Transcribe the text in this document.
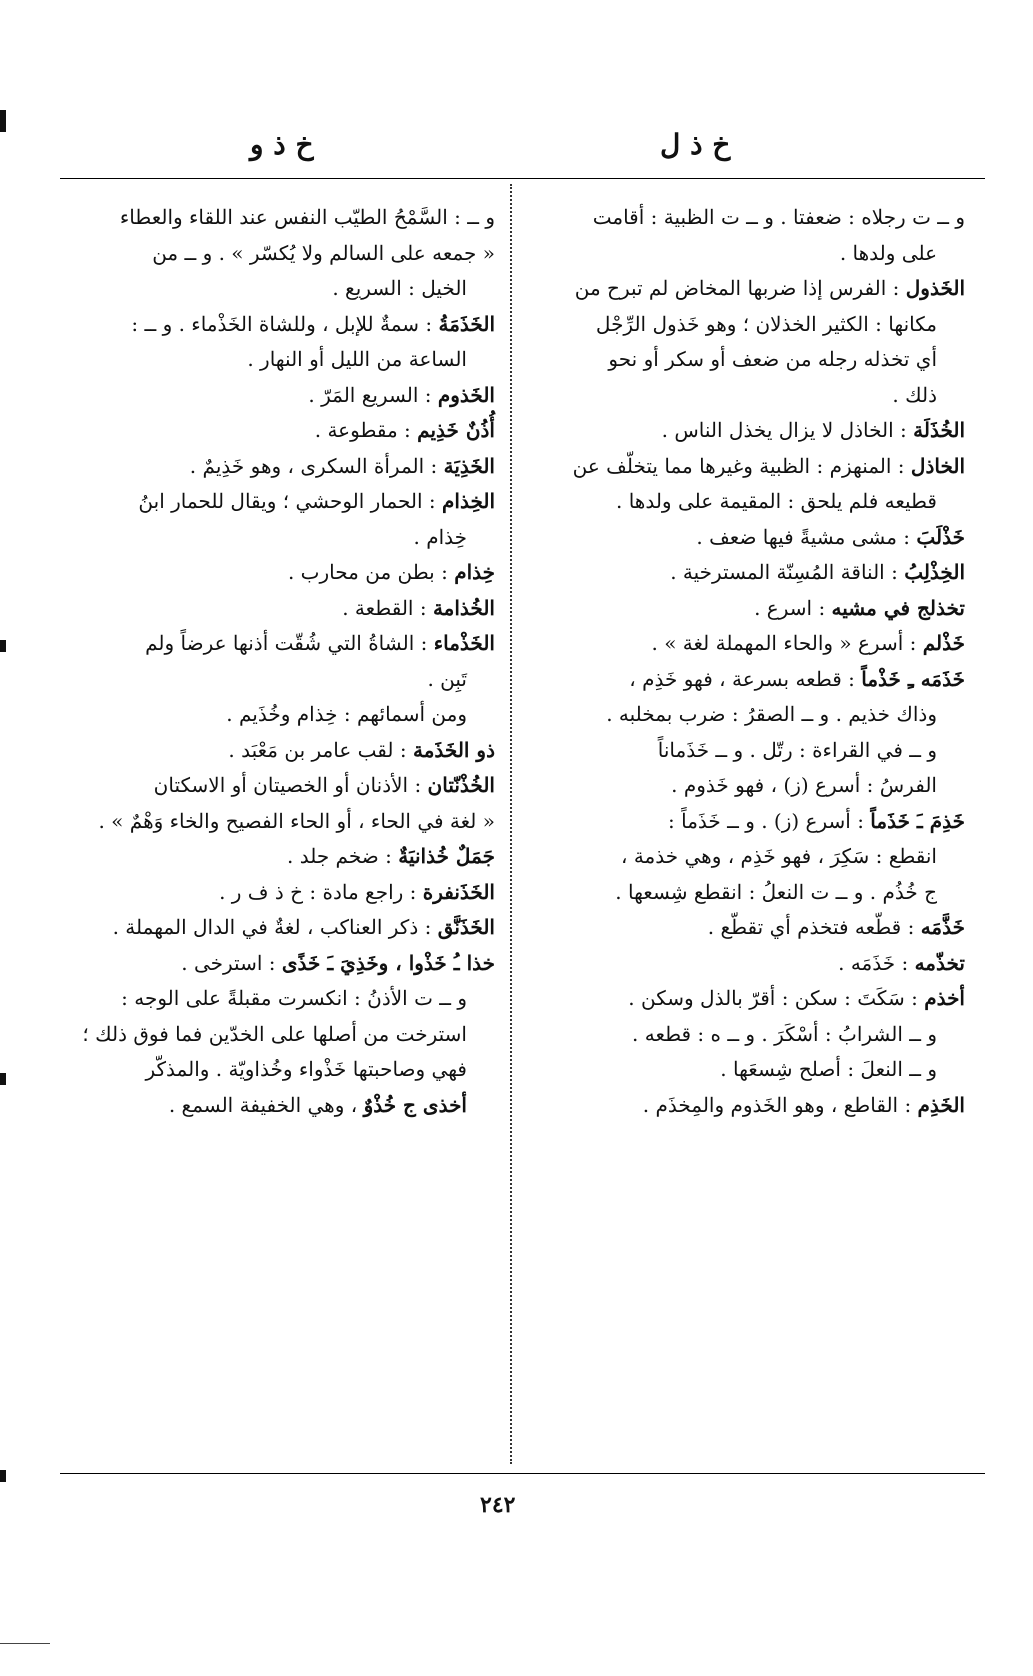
خ ذ ل
خ ذ و
و ــ ت رجلاه : ضعفتا . و ــ ت الظبية : أقامت
على ولدها .
الخَذول : الفرس إذا ضربها المخاض لم تبرح من
مكانها : الكثير الخذلان ؛ وهو خَذول الرِّجْل
أي تخذله رجله من ضعف أو سكر أو نحو
ذلك .
الخُذَلَة : الخاذل لا يزال يخذل الناس .
الخاذل : المنهزم : الظبية وغيرها مما يتخلّف عن
قطيعه فلم يلحق : المقيمة على ولدها .
خَذْلَبَ : مشى مشيةً فيها ضعف .
الخِذْلِبُ : الناقة المُسِنّة المسترخية .
تخذلج في مشيه : اسرع .
خَذْلم : أسرع « والحاء المهملة لغة » .
خَذَمَه ـِ خَذْماً : قطعه بسرعة ، فهو خَذِم ،
وذاك خذيم . و ــ الصقرُ : ضرب بمخلبه .
و ــ في القراءة : رتّل . و ــ خَذَماناً
الفرسُ : أسرع (ز) ، فهو خَذوم .
خَذِمَ ـَ خَذَماً : أسرع (ز) . و ــ خَذَماً :
انقطع : سَكِرَ ، فهو خَذِم ، وهي خذمة ،
ج خُذُم . و ــ ت النعلُ : انقطع شِسعها .
خَذَّمَه : قطّعه فتخذم أي تقطّع .
تخذّمه : خَذَمَه .
أخذم : سَكَتَ : سكن : أقرّ بالذل وسكن .
و ــ الشرابُ : أسْكَرَ . و ــ ه : قطعه .
و ــ النعلَ : أصلح شِسعَها .
الخَذِم : القاطع ، وهو الخَذوم والمِخذَم .
و ــ : السَّمْحُ الطيّب النفس عند اللقاء والعطاء
« جمعه على السالم ولا يُكسّر » . و ــ من
الخيل : السريع .
الخَذَمَةُ : سمةٌ للإبل ، وللشاة الخَذْماء . و ــ :
الساعة من الليل أو النهار .
الخَذوم : السريع المَرّ .
أُذُنٌ خَذِيم : مقطوعة .
الخَذِيَة : المرأة السكرى ، وهو خَذِيمٌ .
الخِذام : الحمار الوحشي ؛ ويقال للحمار ابنُ
خِذام .
خِذام : بطن من محارب .
الخُذامة : القطعة .
الخَذْماء : الشاةُ التي شُقّت أذنها عرضاً ولم
تَبِن .
ومن أسمائهم : خِذام وخُذَيم .
ذو الخَذَمة : لقب عامر بن مَعْبَد .
الخُذْنّتان : الأذنان أو الخصيتان أو الاسكتان
« لغة في الحاء ، أو الحاء الفصيح والخاء وَهْمٌ » .
جَمَلٌ خُذانيَةٌ : ضخم جلد .
الخَذَنفرة : راجع مادة : خ ذ ف ر .
الخَذَنَّق : ذكر العناكب ، لغةٌ في الدال المهملة .
خذا ـُ خَذْوا ، وخَذِيَ ـَ خَذًى : استرخى .
و ــ ت الأذنُ : انكسرت مقبلةً على الوجه :
استرخت من أصلها على الخدّين فما فوق ذلك ؛
فهي وصاحبتها خَذْواء وخُذاويّة . والمذكّر
أخذى ج خُذْوٌ ، وهي الخفيفة السمع .
٢٤٢
